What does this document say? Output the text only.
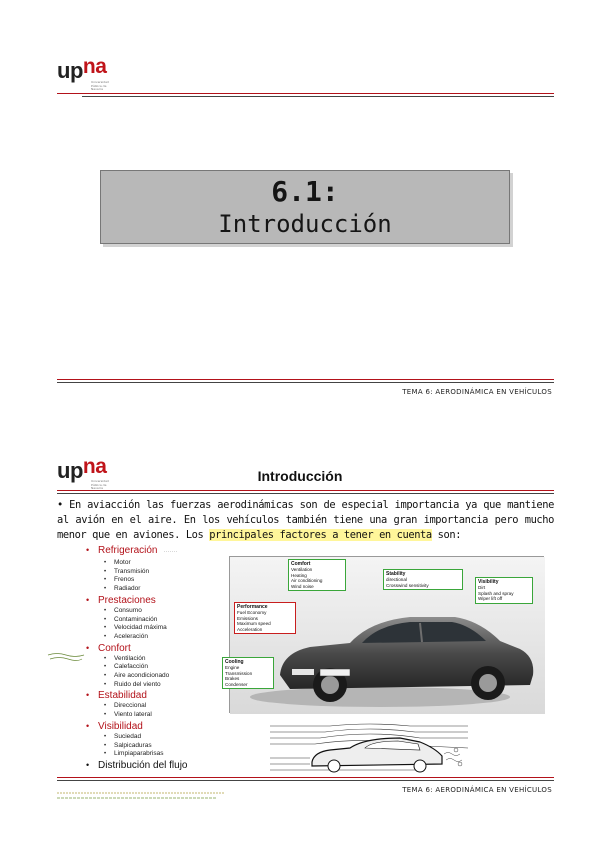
upna
Universidad
Pública de
Navarra
6.1:
Introducción
TEMA 6: AERODINÁMICA EN VEHÍCULOS
upna
Universidad
Pública de
Navarra
Introducción
• En aviacción las fuerzas aerodinámicas son de especial importancia ya que mantiene al avión en el aire. En los vehículos también tiene una gran importancia pero mucho menor que en aviones. Los principales factores a tener en cuenta son:
• Refrigeración ·······
• Motor
• Transmisión
• Frenos
• Radiador
• Prestaciones
• Consumo
• Contaminación
• Velocidad máxima
• Aceleración
• Confort
• Ventilación
• Calefacción
• Aire acondicionado
• Ruido del viento
• Estabilidad
• Direccional
• Viento lateral
• Visibilidad
• Suciedad
• Salpicaduras
• Limpiaparabrisas
• Distribución del flujo
Comfort
Ventilation
Heating
Air conditioning
Wind noise
Stability
directional
Crosswind sensitivity
Visibility
Dirt
Splash and spray
Wiper lift off
Performance
Fuel Economy
Emissions
Maximum speed
Acceleration
Cooling
Engine
Transmission
Brakes
Condenser
TEMA 6: AERODINÁMICA EN VEHÍCULOS
